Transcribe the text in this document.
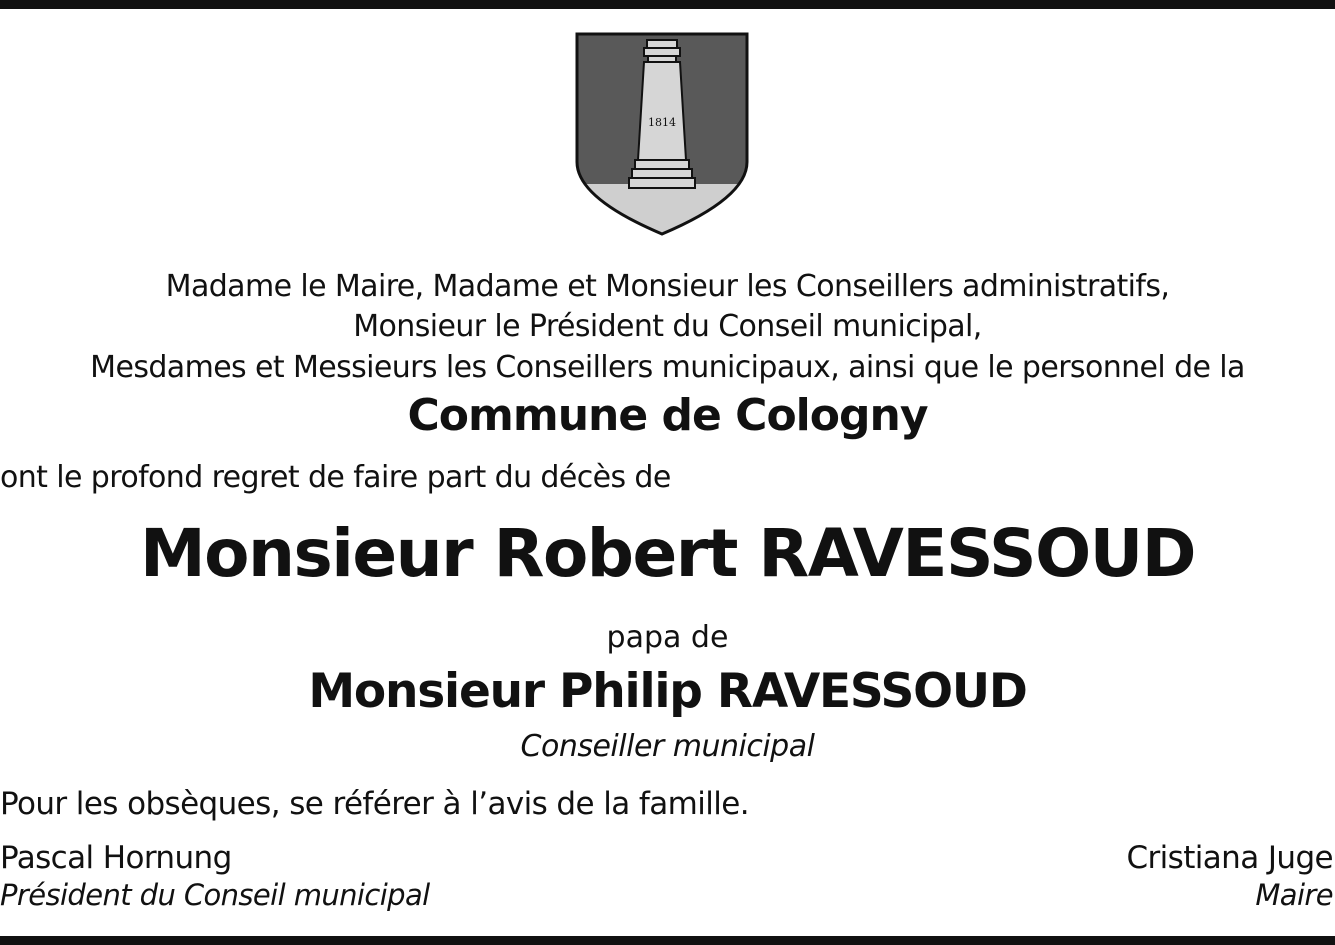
1814
Madame le Maire, Madame et Monsieur les Conseillers administratifs,
Monsieur le Président du Conseil municipal,
Mesdames et Messieurs les Conseillers municipaux, ainsi que le personnel de la
Commune de Cologny
ont le profond regret de faire part du décès de
Monsieur Robert RAVESSOUD
papa de
Monsieur Philip RAVESSOUD
Conseiller municipal
Pour les obsèques, se référer à l’avis de la famille.
Pascal Hornung
Président du Conseil municipal
Cristiana Juge
Maire
